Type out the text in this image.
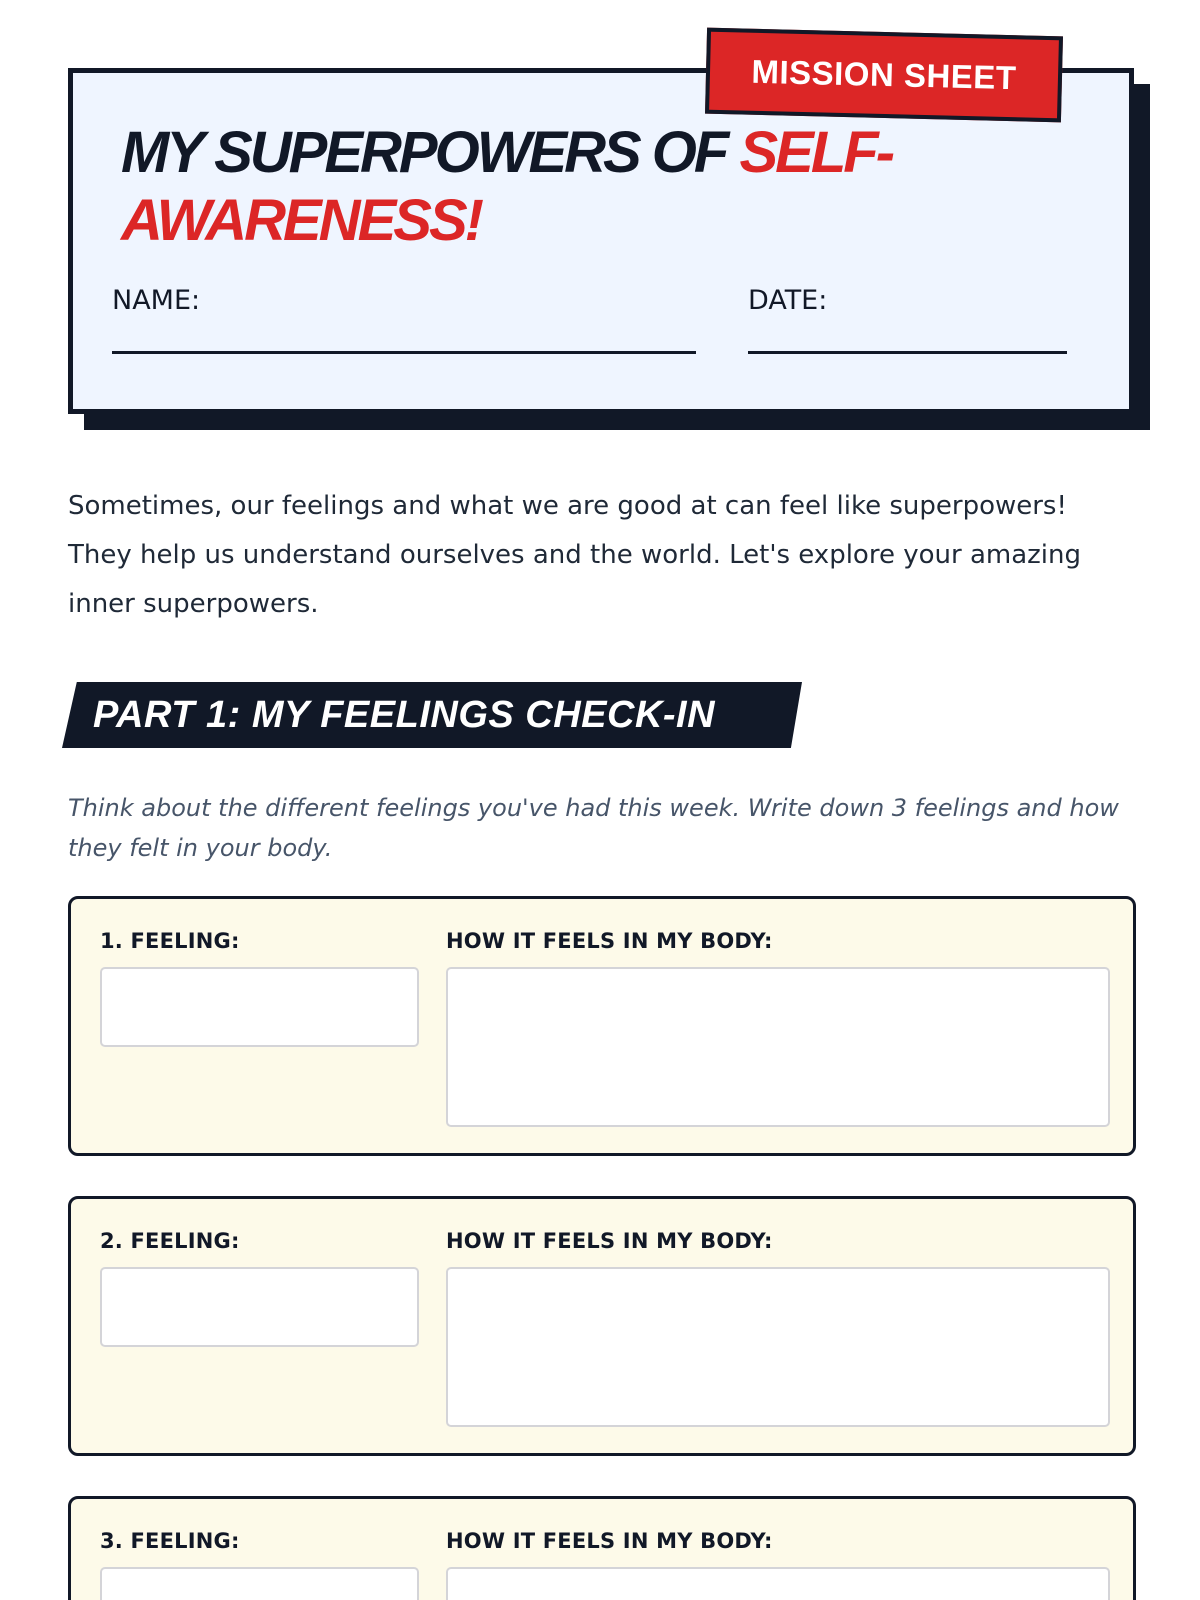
MY SUPERPOWERS OF SELF-AWARENESS!
NAME:	DATE:
MISSION SHEET

Sometimes, our feelings and what we are good at can feel like superpowers! They help us understand ourselves and the world. Let's explore your amazing inner superpowers.

PART 1: MY FEELINGS CHECK-IN

Think about the different feelings you've had this week. Write down 3 feelings and how they felt in your body.

1. FEELING:	HOW IT FEELS IN MY BODY:
2. FEELING:	HOW IT FEELS IN MY BODY:
3. FEELING:	HOW IT FEELS IN MY BODY:
